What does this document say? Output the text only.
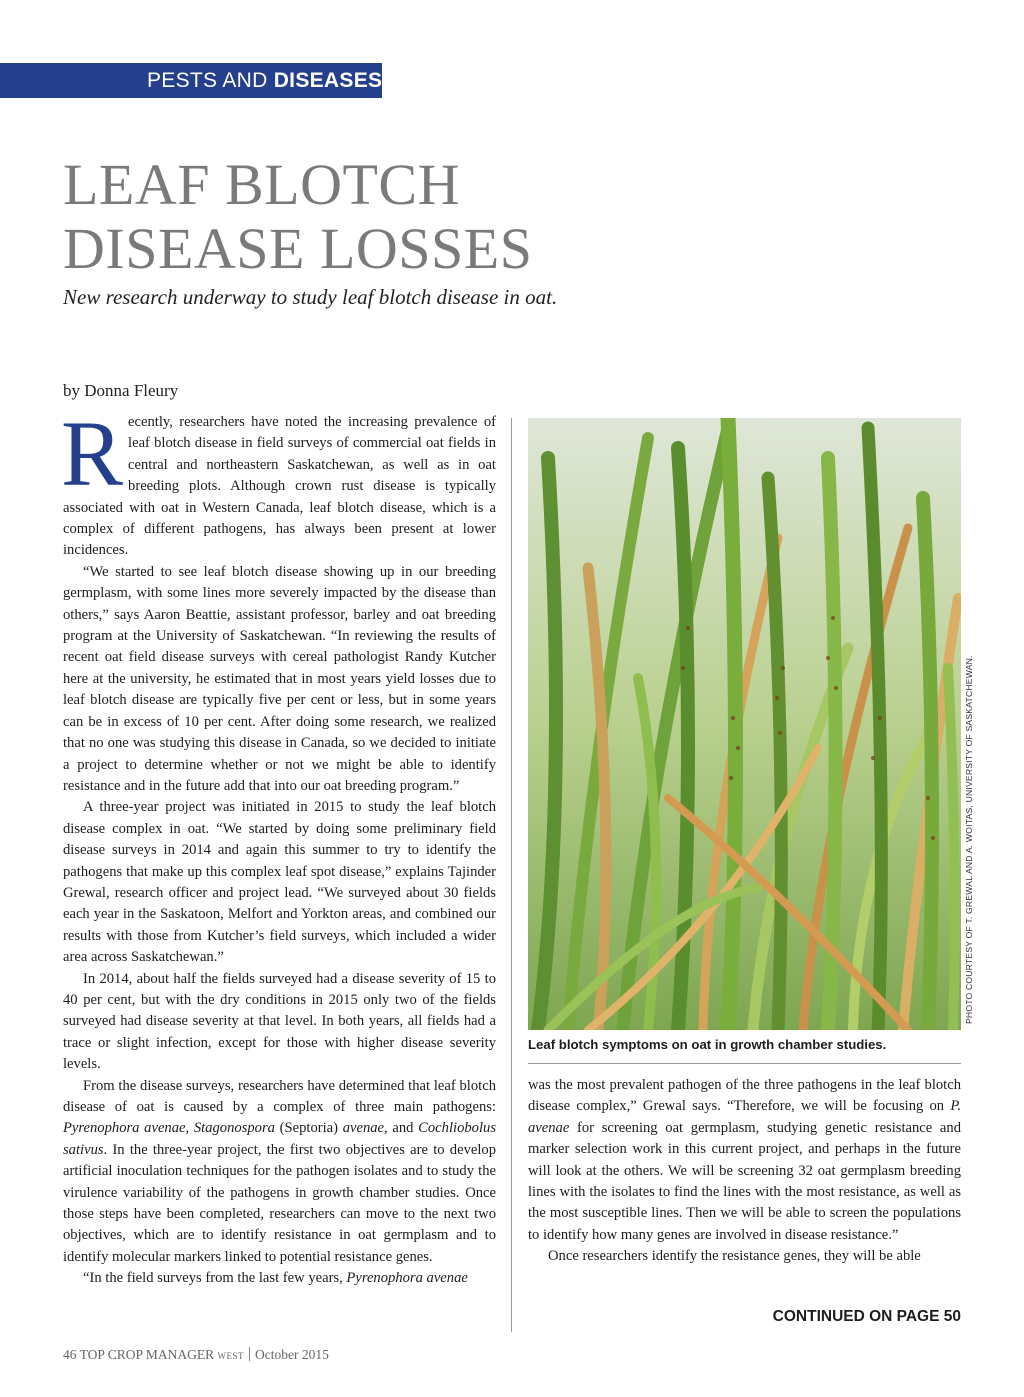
PESTS AND DISEASES
LEAF BLOTCH
DISEASE LOSSES
New research underway to study leaf blotch disease in oat.
by Donna Fleury

Recently, researchers have noted the increasing prevalence of leaf blotch disease in field surveys of commercial oat fields in central and northeastern Saskatchewan, as well as in oat breeding plots. Although crown rust disease is typically associated with oat in Western Canada, leaf blotch disease, which is a complex of different pathogens, has always been present at lower incidences.

“We started to see leaf blotch disease showing up in our breeding germplasm, with some lines more severely impacted by the disease than others,” says Aaron Beattie, assistant professor, barley and oat breeding program at the University of Saskatchewan. “In reviewing the results of recent oat field disease surveys with cereal pathologist Randy Kutcher here at the university, he estimated that in most years yield losses due to leaf blotch disease are typically five per cent or less, but in some years can be in excess of 10 per cent. After doing some research, we realized that no one was studying this disease in Canada, so we decided to initiate a project to determine whether or not we might be able to identify resistance and in the future add that into our oat breeding program.”

A three-year project was initiated in 2015 to study the leaf blotch disease complex in oat. “We started by doing some preliminary field disease surveys in 2014 and again this summer to try to identify the pathogens that make up this complex leaf spot disease,” explains Tajinder Grewal, research officer and project lead. “We surveyed about 30 fields each year in the Saskatoon, Melfort and Yorkton areas, and combined our results with those from Kutcher’s field surveys, which included a wider area across Saskatchewan.”

In 2014, about half the fields surveyed had a disease severity of 15 to 40 per cent, but with the dry conditions in 2015 only two of the fields surveyed had disease severity at that level. In both years, all fields had a trace or slight infection, except for those with higher disease severity levels.

From the disease surveys, researchers have determined that leaf blotch disease of oat is caused by a complex of three main pathogens: Pyrenophora avenae, Stagonospora (Septoria) avenae, and Cochliobolus sativus. In the three-year project, the first two objectives are to develop artificial inoculation techniques for the pathogen isolates and to study the virulence variability of the pathogens in growth chamber studies. Once those steps have been completed, researchers can move to the next two objectives, which are to identify resistance in oat germplasm and to identify molecular markers linked to potential resistance genes.

“In the field surveys from the last few years, Pyrenophora avenae

PHOTO COURTESY OF T. GREWAL AND A. WOITAS, UNIVERSITY OF SASKATCHEWAN.
Leaf blotch symptoms on oat in growth chamber studies.

was the most prevalent pathogen of the three pathogens in the leaf blotch disease complex,” Grewal says. “Therefore, we will be focusing on P. avenae for screening oat germplasm, studying genetic resistance and marker selection work in this current project, and perhaps in the future will look at the others. We will be screening 32 oat germplasm breeding lines with the isolates to find the lines with the most resistance, as well as the most susceptible lines. Then we will be able to screen the populations to identify how many genes are involved in disease resistance.”

Once researchers identify the resistance genes, they will be able

CONTINUED ON PAGE 50
46 TOP CROP MANAGER WEST October 2015
